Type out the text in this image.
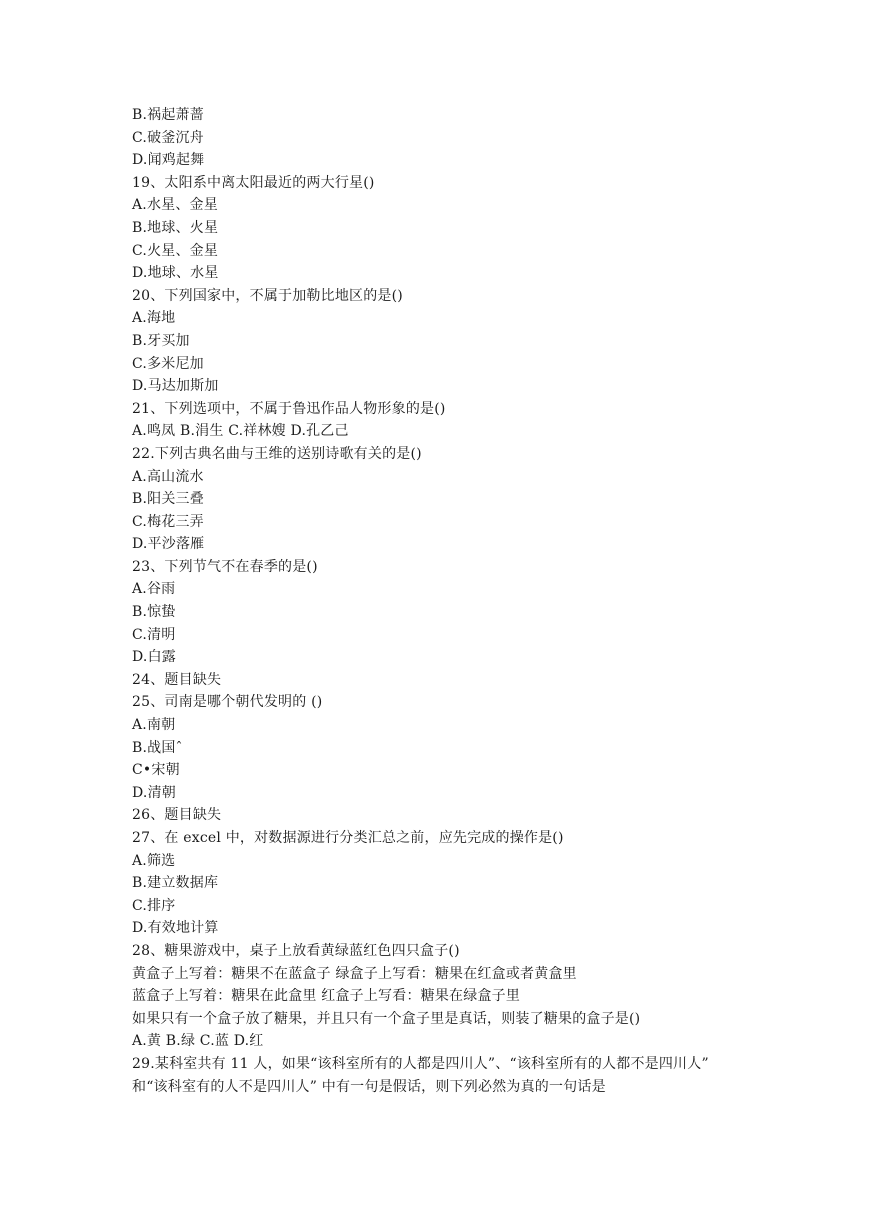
B.祸起萧蔷
C.破釜沉舟
D.闻鸡起舞
19、太阳系中离太阳最近的两大行星()
A.水星、金星
B.地球、火星
C.火星、金星
D.地球、水星
20、下列国家中，不属于加勒比地区的是()
A.海地
B.牙买加
C.多米尼加
D.马达加斯加
21、下列选项中，不属于鲁迅作品人物形象的是()
A.鸣凤 B.涓生 C.祥林嫂 D.孔乙己
22.下列古典名曲与王维的送别诗歌有关的是()
A.高山流水
B.阳关三叠
C.梅花三弄
D.平沙落雁
23、下列节气不在春季的是()
A.谷雨
B.惊蛰
C.清明
D.白露
24、题目缺失
25、司南是哪个朝代发明的 ()
A.南朝
B.战国ˆ
C•宋朝
D.清朝
26、题目缺失
27、在 excel 中，对数据源进行分类汇总之前，应先完成的操作是()
A.筛选
B.建立数据库
C.排序
D.有效地计算
28、糖果游戏中，桌子上放看黄绿蓝红色四只盒子()
黄盒子上写着：糖果不在蓝盒子 绿盒子上写看：糖果在红盒或者黄盒里
蓝盒子上写着：糖果在此盒里 红盒子上写看：糖果在绿盒子里
如果只有一个盒子放了糖果，并且只有一个盒子里是真话，则装了糖果的盒子是()
A.黄 B.绿 C.蓝 D.红
29.某科室共有 11 人，如果“该科室所有的人都是四川人”、“该科室所有的人都不是四川人”
和“该科室有的人不是四川人” 中有一句是假话，则下列必然为真的一句话是
